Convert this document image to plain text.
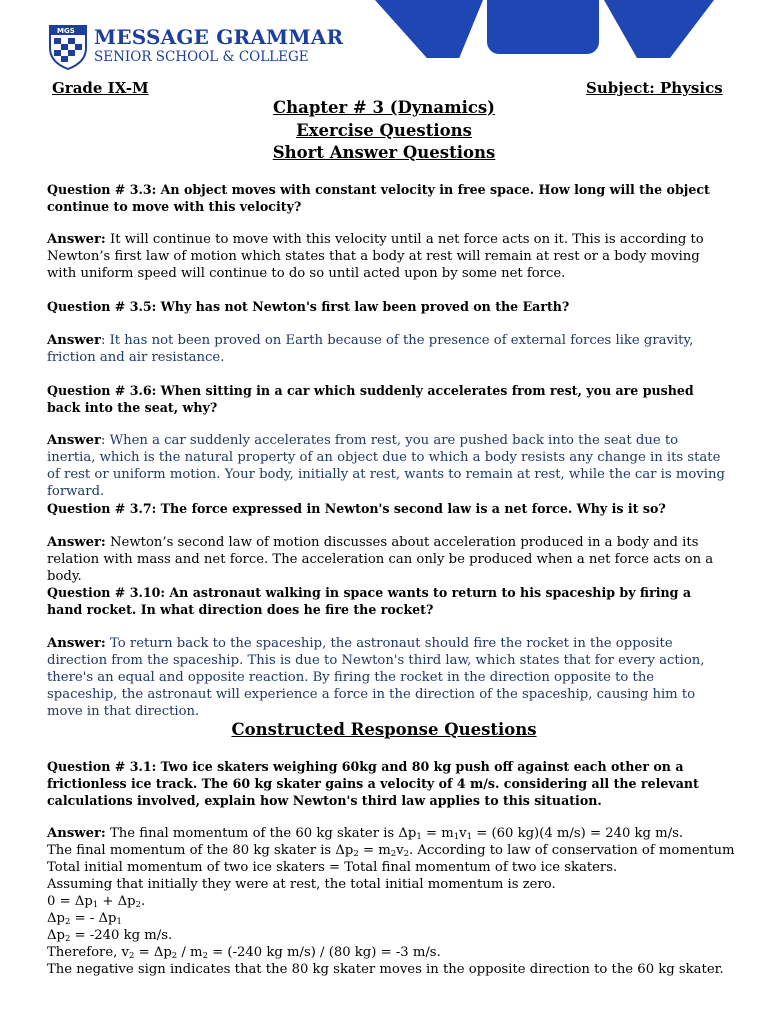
MGS MESSAGE GRAMMAR
SENIOR SCHOOL & COLLEGE
Grade IX-M	Subject: Physics
Chapter # 3 (Dynamics)
Exercise Questions
Short Answer Questions
Question # 3.3: An object moves with constant velocity in free space. How long will the object continue to move with this velocity?
Answer: It will continue to move with this velocity until a net force acts on it. This is according to Newton’s first law of motion which states that a body at rest will remain at rest or a body moving with uniform speed will continue to do so until acted upon by some net force.
Question # 3.5: Why has not Newton's first law been proved on the Earth?
Answer: It has not been proved on Earth because of the presence of external forces like gravity, friction and air resistance.
Question # 3.6: When sitting in a car which suddenly accelerates from rest, you are pushed back into the seat, why?
Answer: When a car suddenly accelerates from rest, you are pushed back into the seat due to inertia, which is the natural property of an object due to which a body resists any change in its state of rest or uniform motion. Your body, initially at rest, wants to remain at rest, while the car is moving forward.
Question # 3.7: The force expressed in Newton's second law is a net force. Why is it so?
Answer: Newton’s second law of motion discusses about acceleration produced in a body and its relation with mass and net force. The acceleration can only be produced when a net force acts on a body.
Question # 3.10: An astronaut walking in space wants to return to his spaceship by firing a hand rocket. In what direction does he fire the rocket?
Answer: To return back to the spaceship, the astronaut should fire the rocket in the opposite direction from the spaceship. This is due to Newton's third law, which states that for every action, there's an equal and opposite reaction. By firing the rocket in the direction opposite to the spaceship, the astronaut will experience a force in the direction of the spaceship, causing him to move in that direction.
Constructed Response Questions
Question # 3.1: Two ice skaters weighing 60kg and 80 kg push off against each other on a frictionless ice track. The 60 kg skater gains a velocity of 4 m/s. considering all the relevant calculations involved, explain how Newton's third law applies to this situation.
Answer: The final momentum of the 60 kg skater is $\Delta p_1 = m_1v_1 = (60$ kg)(4 m/s) = 240 kg m/s.
The final momentum of the 80 kg skater is $\Delta p_2 = m_2v_2$. According to law of conservation of momentum
Total initial momentum of two ice skaters = Total final momentum of two ice skaters.
Assuming that initially they were at rest, the total initial momentum is zero.
$0 = \Delta p_1 + \Delta p_2$.
$\Delta p_2$ = - $\Delta p_1$
$\Delta p_2 = -240$ kg m/s.
Therefore, $v_2 = \Delta p_2 / m_2 = (-240$ kg m/s) / (80 kg) = -3 m/s.
The negative sign indicates that the 80 kg skater moves in the opposite direction to the 60 kg skater.
